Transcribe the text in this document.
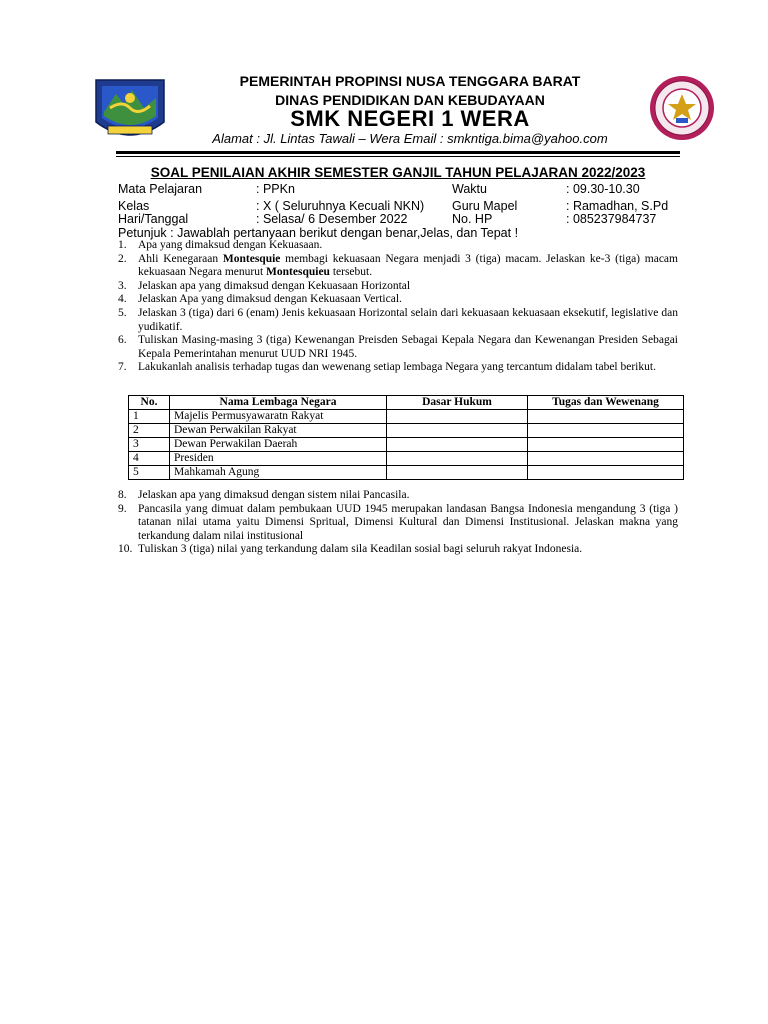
PEMERINTAH PROPINSI NUSA TENGGARA BARAT
DINAS PENDIDIKAN DAN KEBUDAYAAN
SMK NEGERI 1 WERA
Alamat : Jl. Lintas Tawali – Wera Email : smkntiga.bima@yahoo.com
SOAL PENILAIAN AKHIR SEMESTER GANJIL TAHUN PELAJARAN 2022/2023
Mata Pelajaran	: PPKn
Kelas	: X ( Seluruhnya Kecuali NKN)
Hari/Tanggal	: Selasa/ 6 Desember 2022
Waktu	: 09.30-10.30
Guru Mapel	: Ramadhan, S.Pd
No. HP	: 085237984737
Petunjuk : Jawablah pertanyaan berikut dengan benar,Jelas, dan Tepat !
1. Apa yang dimaksud dengan Kekuasaan.
2. Ahli Kenegaraan Montesquie membagi kekuasaan Negara menjadi 3 (tiga) macam. Jelaskan ke-3 (tiga) macam kekuasaan Negara menurut Montesquieu tersebut.
3. Jelaskan apa yang dimaksud dengan Kekuasaan Horizontal
4. Jelaskan Apa yang dimaksud dengan Kekuasaan Vertical.
5. Jelaskan 3 (tiga) dari 6 (enam) Jenis kekuasaan Horizontal selain dari kekuasaan kekuasaan eksekutif, legislative dan yudikatif.
6. Tuliskan Masing-masing 3 (tiga) Kewenangan Preisden Sebagai Kepala Negara dan Kewenangan Presiden Sebagai Kepala Pemerintahan menurut UUD NRI 1945.
7. Lakukanlah analisis terhadap tugas dan wewenang setiap lembaga Negara yang tercantum didalam tabel berikut.
No.	Nama Lembaga Negara	Dasar Hukum	Tugas dan Wewenang
1	Majelis Permusyawaratn Rakyat		
2	Dewan Perwakilan Rakyat		
3	Dewan Perwakilan Daerah		
4	Presiden		
5	Mahkamah Agung		
8. Jelaskan apa yang dimaksud dengan sistem nilai Pancasila.
9. Pancasila yang dimuat dalam pembukaan UUD 1945 merupakan landasan Bangsa Indonesia mengandung 3 (tiga ) tatanan nilai utama yaitu Dimensi Spritual, Dimensi Kultural dan Dimensi Institusional. Jelaskan makna yang terkandung dalam nilai institusional
10. Tuliskan 3 (tiga) nilai yang terkandung dalam sila Keadilan sosial bagi seluruh rakyat Indonesia.
